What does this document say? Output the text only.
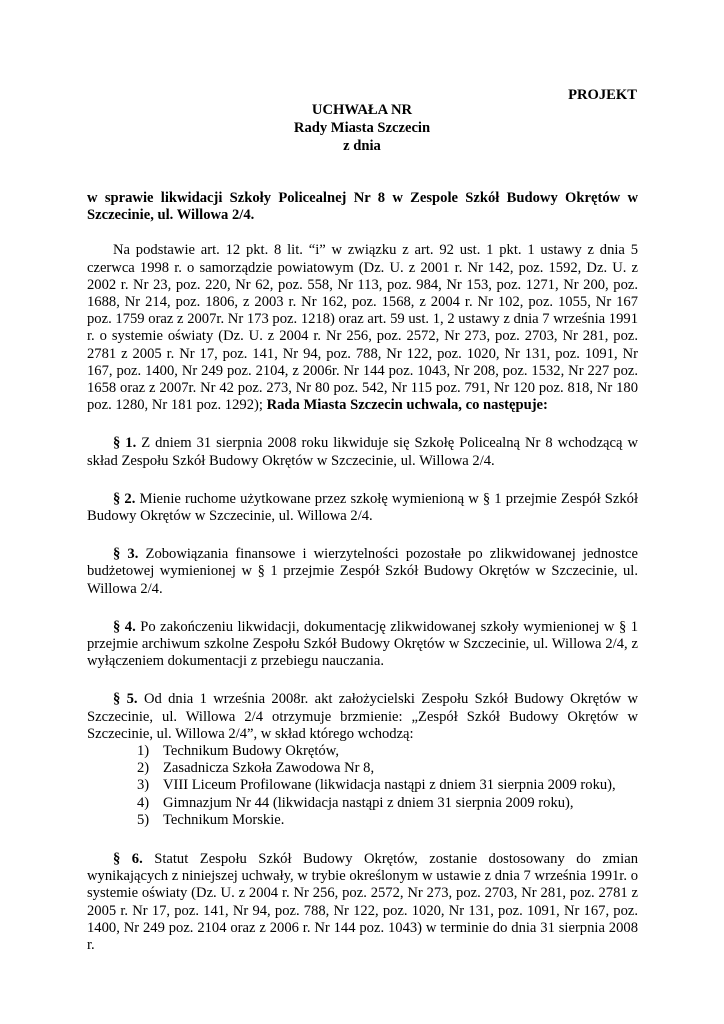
PROJEKT
UCHWAŁA NR
Rady Miasta Szczecin
z dnia
w sprawie likwidacji Szkoły Policealnej Nr 8 w Zespole Szkół Budowy Okrętów w Szczecinie, ul. Willowa 2/4.

Na podstawie art. 12 pkt. 8 lit. “i” w związku z art. 92 ust. 1 pkt. 1 ustawy z dnia 5 czerwca 1998 r. o samorządzie powiatowym (Dz. U. z 2001 r. Nr 142, poz. 1592, Dz. U. z 2002 r. Nr 23, poz. 220, Nr 62, poz. 558, Nr 113, poz. 984, Nr 153, poz. 1271, Nr 200, poz. 1688, Nr 214, poz. 1806, z 2003 r. Nr 162, poz. 1568, z 2004 r. Nr 102, poz. 1055, Nr 167 poz. 1759 oraz z 2007r. Nr 173 poz. 1218) oraz art. 59 ust. 1, 2 ustawy z dnia 7 września 1991 r. o systemie oświaty (Dz. U. z 2004 r. Nr 256, poz. 2572, Nr 273, poz. 2703, Nr 281, poz. 2781 z 2005 r. Nr 17, poz. 141, Nr 94, poz. 788, Nr 122, poz. 1020, Nr 131, poz. 1091, Nr 167, poz. 1400, Nr 249 poz. 2104, z 2006r. Nr 144 poz. 1043, Nr 208, poz. 1532, Nr 227 poz. 1658 oraz z 2007r. Nr 42 poz. 273, Nr 80 poz. 542, Nr 115 poz. 791, Nr 120 poz. 818, Nr 180 poz. 1280, Nr 181 poz. 1292); Rada Miasta Szczecin uchwala, co następuje:

§ 1. Z dniem 31 sierpnia 2008 roku likwiduje się Szkołę Policealną Nr 8 wchodzącą w skład Zespołu Szkół Budowy Okrętów w Szczecinie, ul. Willowa 2/4.

§ 2. Mienie ruchome użytkowane przez szkołę wymienioną w § 1 przejmie Zespół Szkół Budowy Okrętów w Szczecinie, ul. Willowa 2/4.

§ 3. Zobowiązania finansowe i wierzytelności pozostałe po zlikwidowanej jednostce budżetowej wymienionej w § 1 przejmie Zespół Szkół Budowy Okrętów w Szczecinie, ul. Willowa 2/4.

§ 4. Po zakończeniu likwidacji, dokumentację zlikwidowanej szkoły wymienionej w § 1 przejmie archiwum szkolne Zespołu Szkół Budowy Okrętów w Szczecinie, ul. Willowa 2/4, z wyłączeniem dokumentacji z przebiegu nauczania.

§ 5. Od dnia 1 września 2008r. akt założycielski Zespołu Szkół Budowy Okrętów w Szczecinie, ul. Willowa 2/4 otrzymuje brzmienie: „Zespół Szkół Budowy Okrętów w Szczecinie, ul. Willowa 2/4”, w skład którego wchodzą:

1) Technikum Budowy Okrętów,
2) Zasadnicza Szkoła Zawodowa Nr 8,
3) VIII Liceum Profilowane (likwidacja nastąpi z dniem 31 sierpnia 2009 roku),
4) Gimnazjum Nr 44 (likwidacja nastąpi z dniem 31 sierpnia 2009 roku),
5) Technikum Morskie.

§ 6. Statut Zespołu Szkół Budowy Okrętów, zostanie dostosowany do zmian wynikających z niniejszej uchwały, w trybie określonym w ustawie z dnia 7 września 1991r. o systemie oświaty (Dz. U. z 2004 r. Nr 256, poz. 2572, Nr 273, poz. 2703, Nr 281, poz. 2781 z 2005 r. Nr 17, poz. 141, Nr 94, poz. 788, Nr 122, poz. 1020, Nr 131, poz. 1091, Nr 167, poz. 1400, Nr 249 poz. 2104 oraz z 2006 r. Nr 144 poz. 1043) w terminie do dnia 31 sierpnia 2008 r.
